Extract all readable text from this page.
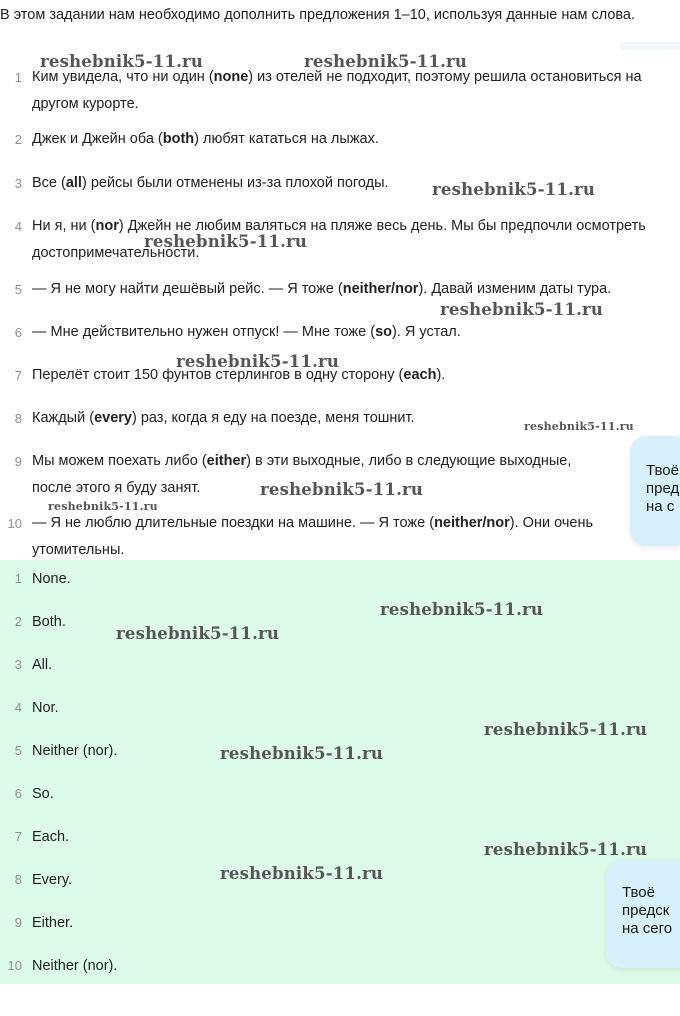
В этом задании нам необходимо дополнить предложения 1–10, используя данные нам слова.
1 Ким увидела, что ни один (none) из отелей не подходит, поэтому решила остановиться на другом курорте.
2 Джек и Джейн оба (both) любят кататься на лыжах.
3 Все (all) рейсы были отменены из-за плохой погоды.
4 Ни я, ни (nor) Джейн не любим валяться на пляже весь день. Мы бы предпочли осмотреть достопримечательности.
5 — Я не могу найти дешёвый рейс. — Я тоже (neither/nor). Давай изменим даты тура.
6 — Мне действительно нужен отпуск! — Мне тоже (so). Я устал.
7 Перелёт стоит 150 фунтов стерлингов в одну сторону (each).
8 Каждый (every) раз, когда я еду на поезде, меня тошнит.
9 Мы можем поехать либо (either) в эти выходные, либо в следующие выходные, после этого я буду занят.
10 — Я не люблю длительные поездки на машине. — Я тоже (neither/nor). Они очень утомительны.
1 None.
2 Both.
3 All.
4 Nor.
5 Neither (nor).
6 So.
7 Each.
8 Every.
9 Either.
10 Neither (nor).
reshebnik5-11.ru	reshebnik5-11.ru
reshebnik5-11.ru
reshebnik5-11.ru
reshebnik5-11.ru
reshebnik5-11.ru
reshebnik5-11.ru
reshebnik5-11.ru
reshebnik5-11.ru
reshebnik5-11.ru
reshebnik5-11.ru
reshebnik5-11.ru
reshebnik5-11.ru
reshebnik5-11.ru
reshebnik5-11.ru
Твоё
пред
на с
Твоё
предск
на сего
